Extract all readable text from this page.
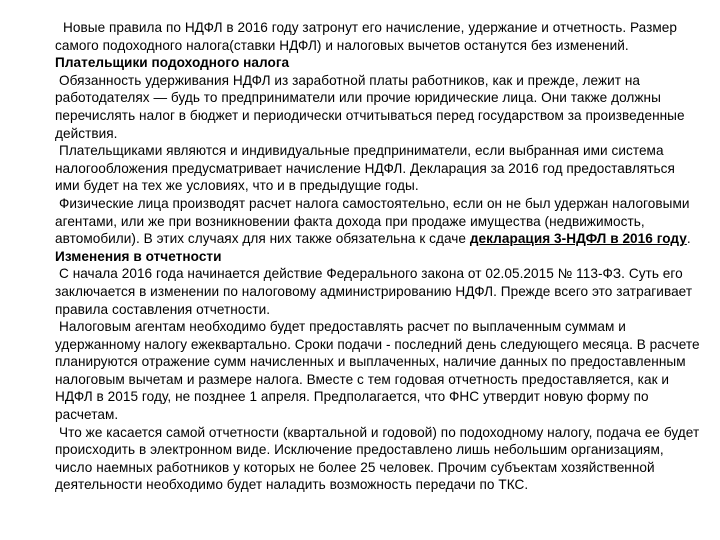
Новые правила по НДФЛ в 2016 году затронут его начисление, удержание и отчетность. Размер самого подоходного налога(ставки НДФЛ) и налоговых вычетов останутся без изменений.

Плательщики подоходного налога

Обязанность удерживания НДФЛ из заработной платы работников, как и прежде, лежит на работодателях — будь то предприниматели или прочие юридические лица. Они также должны перечислять налог в бюджет и периодически отчитываться перед государством за произведенные действия.

Плательщиками являются и индивидуальные предприниматели, если выбранная ими система налогообложения предусматривает начисление НДФЛ. Декларация за 2016 год предоставляться ими будет на тех же условиях, что и в предыдущие годы.

Физические лица производят расчет налога самостоятельно, если он не был удержан налоговыми агентами, или же при возникновении факта дохода при продаже имущества (недвижимость, автомобили). В этих случаях для них также обязательна к сдаче декларация 3-НДФЛ в 2016 году.

Изменения в отчетности

С начала 2016 года начинается действие Федерального закона от 02.05.2015 № 113-ФЗ. Суть его заключается в изменении по налоговому администрированию НДФЛ. Прежде всего это затрагивает правила составления отчетности.

Налоговым агентам необходимо будет предоставлять расчет по выплаченным суммам и удержанному налогу ежеквартально. Сроки подачи - последний день следующего месяца. В расчете планируются отражение сумм начисленных и выплаченных, наличие данных по предоставленным налоговым вычетам и размере налога. Вместе с тем годовая отчетность предоставляется, как и НДФЛ в 2015 году, не позднее 1 апреля. Предполагается, что ФНС утвердит новую форму по расчетам.

Что же касается самой отчетности (квартальной и годовой) по подоходному налогу, подача ее будет происходить в электронном виде. Исключение предоставлено лишь небольшим организациям, число наемных работников у которых не более 25 человек. Прочим субъектам хозяйственной деятельности необходимо будет наладить возможность передачи по ТКС.
